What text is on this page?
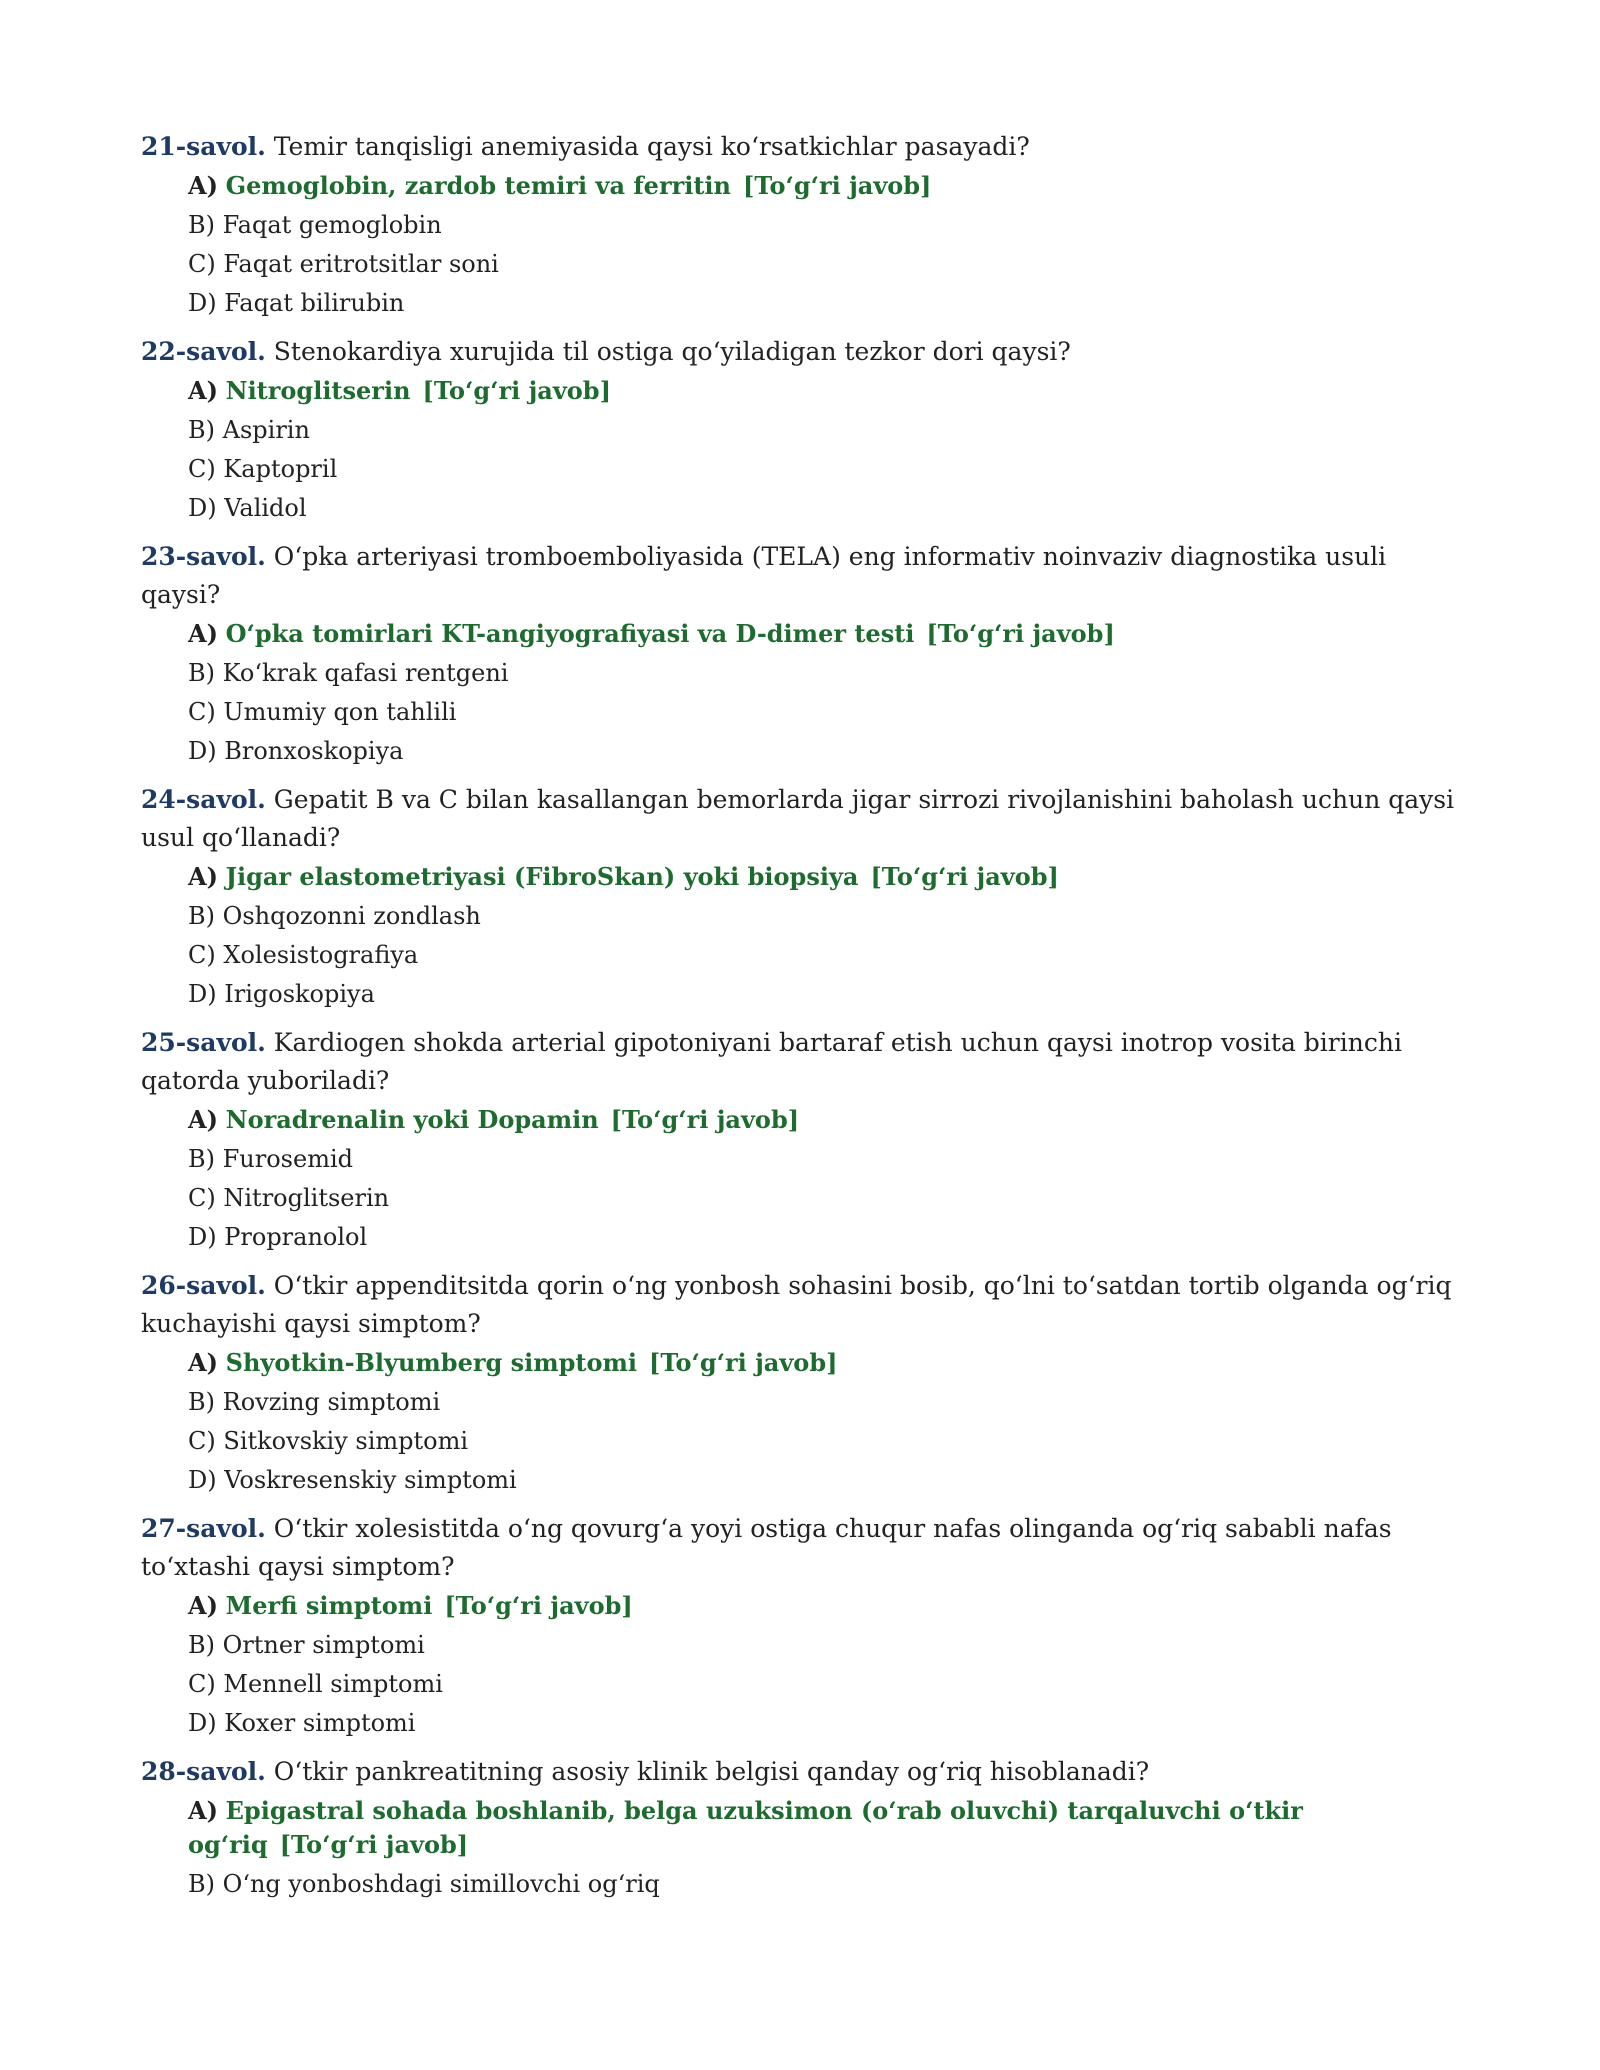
21-savol. Temir tanqisligi anemiyasida qaysi ko‘rsatkichlar pasayadi?

A) Gemoglobin, zardob temiri va ferritin [To‘g‘ri javob]
B) Faqat gemoglobin
C) Faqat eritrotsitlar soni
D) Faqat bilirubin

22-savol. Stenokardiya xurujida til ostiga qo‘yiladigan tezkor dori qaysi?

A) Nitroglitserin [To‘g‘ri javob]
B) Aspirin
C) Kaptopril
D) Validol

23-savol. O‘pka arteriyasi tromboemboliyasida (TELA) eng informativ noinvaziv diagnostika usuli qaysi?

A) O‘pka tomirlari KT-angiyografiyasi va D-dimer testi [To‘g‘ri javob]
B) Ko‘krak qafasi rentgeni
C) Umumiy qon tahlili
D) Bronxoskopiya

24-savol. Gepatit B va C bilan kasallangan bemorlarda jigar sirrozi rivojlanishini baholash uchun qaysi usul qo‘llanadi?

A) Jigar elastometriyasi (FibroSkan) yoki biopsiya [To‘g‘ri javob]
B) Oshqozonni zondlash
C) Xolesistografiya
D) Irigoskopiya

25-savol. Kardiogen shokda arterial gipotoniyani bartaraf etish uchun qaysi inotrop vosita birinchi qatorda yuboriladi?

A) Noradrenalin yoki Dopamin [To‘g‘ri javob]
B) Furosemid
C) Nitroglitserin
D) Propranolol

26-savol. O‘tkir appenditsitda qorin o‘ng yonbosh sohasini bosib, qo‘lni to‘satdan tortib olganda og‘riq kuchayishi qaysi simptom?

A) Shyotkin-Blyumberg simptomi [To‘g‘ri javob]
B) Rovzing simptomi
C) Sitkovskiy simptomi
D) Voskresenskiy simptomi

27-savol. O‘tkir xolesistitda o‘ng qovurg‘a yoyi ostiga chuqur nafas olinganda og‘riq sababli nafas to‘xtashi qaysi simptom?

A) Merfi simptomi [To‘g‘ri javob]
B) Ortner simptomi
C) Mennell simptomi
D) Koxer simptomi

28-savol. O‘tkir pankreatitning asosiy klinik belgisi qanday og‘riq hisoblanadi?

A) Epigastral sohada boshlanib, belga uzuksimon (o‘rab oluvchi) tarqaluvchi o‘tkir og‘riq [To‘g‘ri javob]
B) O‘ng yonboshdagi simillovchi og‘riq
